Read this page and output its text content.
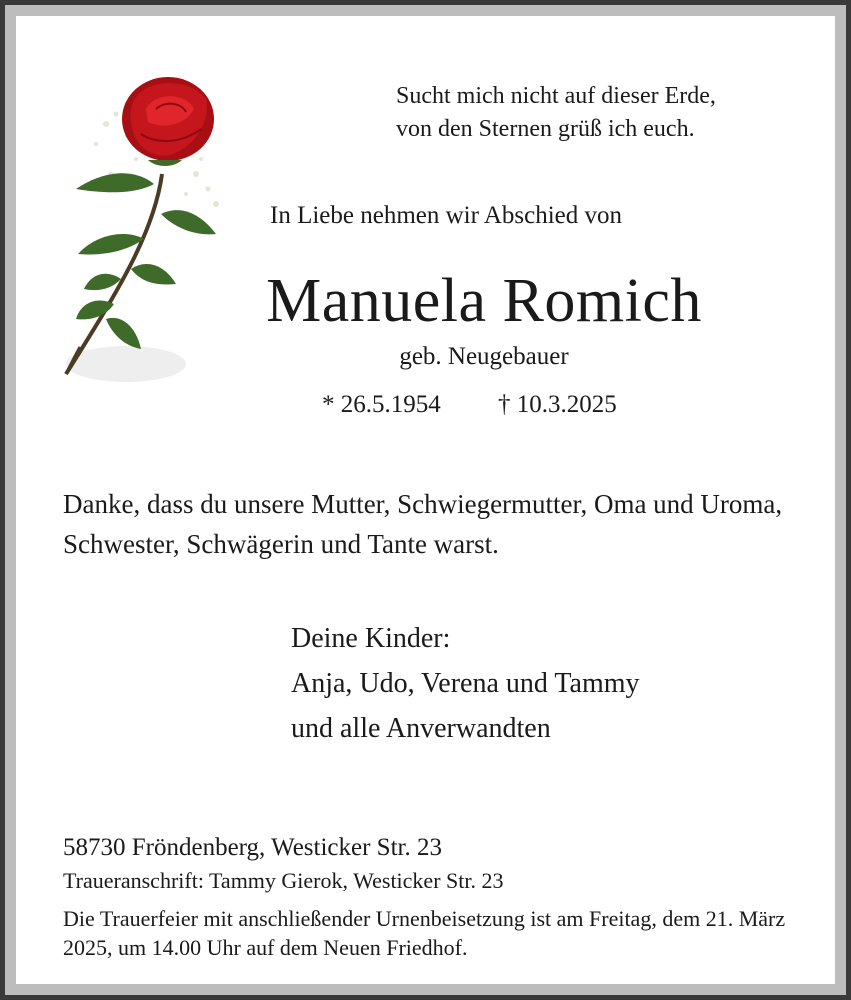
Sucht mich nicht auf dieser Erde,
von den Sternen grüß ich euch.
In Liebe nehmen wir Abschied von
Manuela Romich
geb. Neugebauer
* 26.5.1954 † 10.3.2025
Danke, dass du unsere Mutter, Schwiegermutter, Oma und Uroma, Schwester, Schwägerin und Tante warst.
Deine Kinder:
Anja, Udo, Verena und Tammy
und alle Anverwandten
58730 Fröndenberg, Westicker Str. 23
Traueranschrift: Tammy Gierok, Westicker Str. 23
Die Trauerfeier mit anschließender Urnenbeisetzung ist am Freitag, dem 21. März 2025, um 14.00 Uhr auf dem Neuen Friedhof.
